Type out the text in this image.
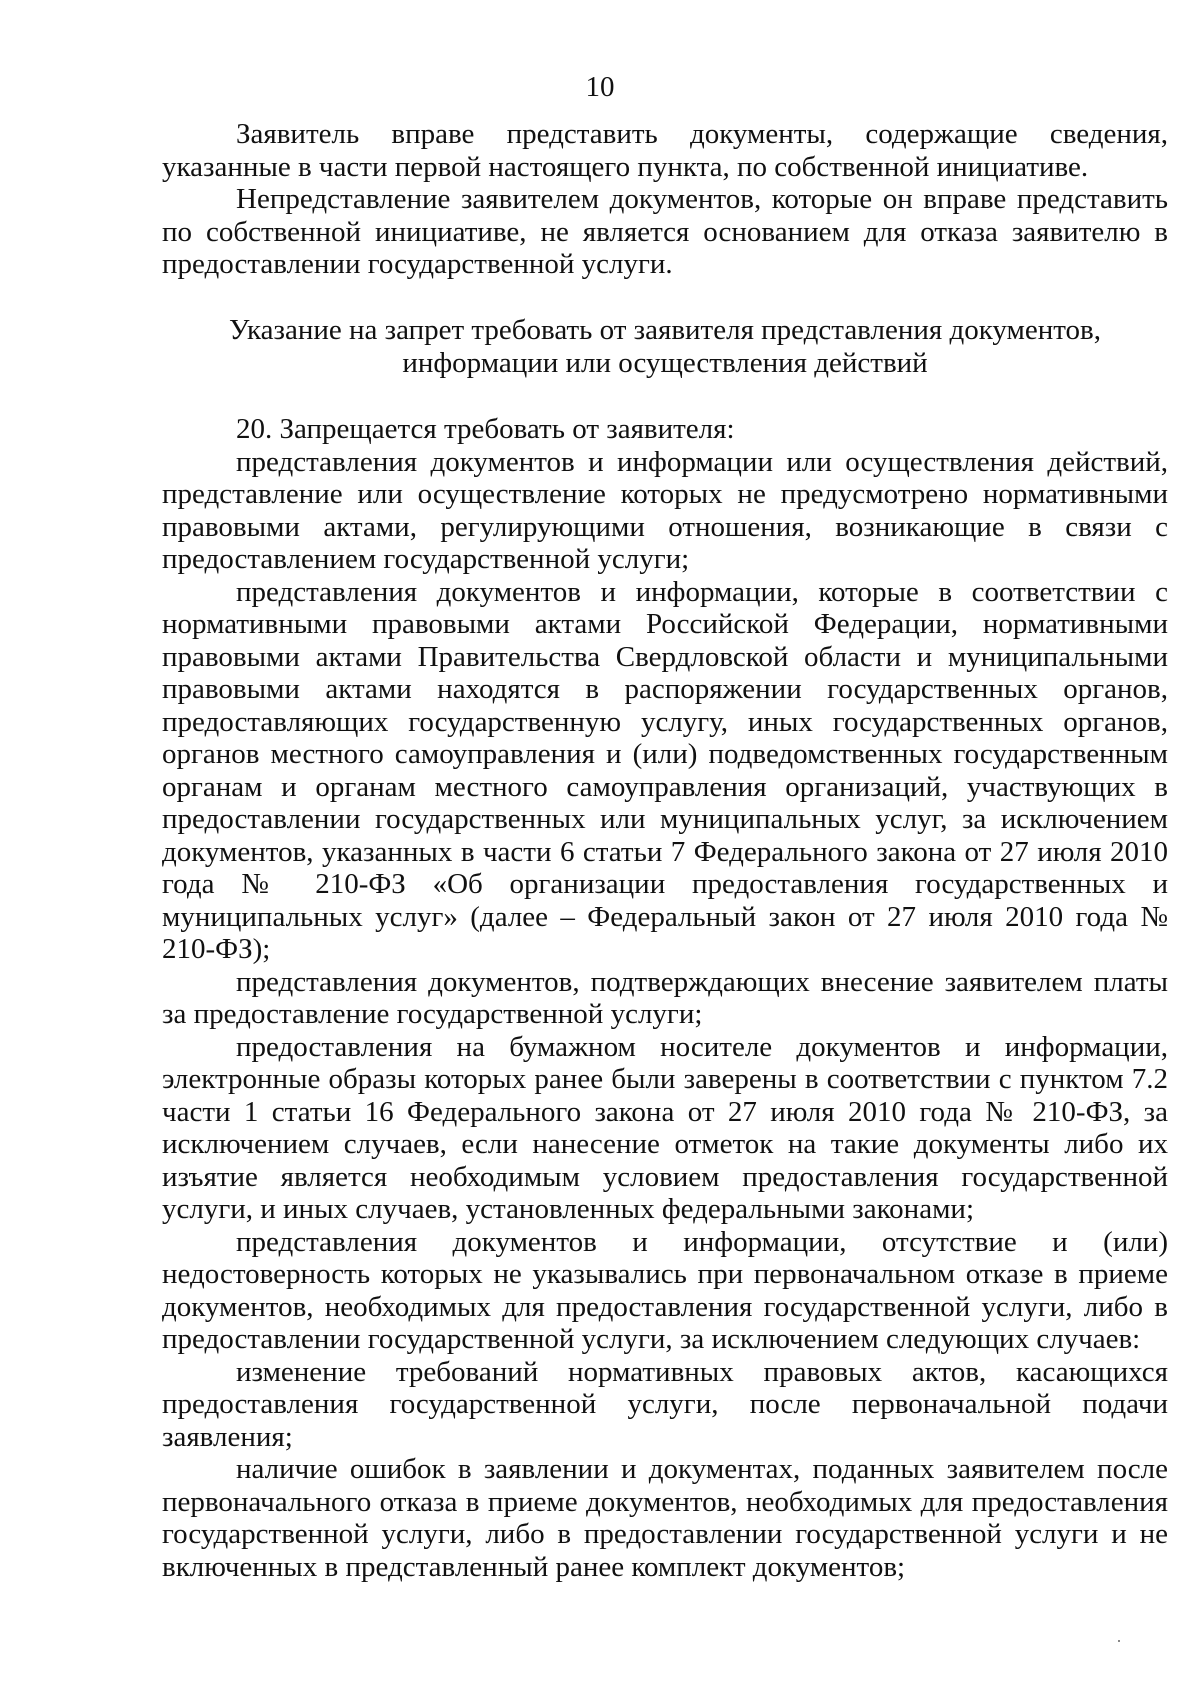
10

Заявитель вправе представить документы, содержащие сведения, указанные в части первой настоящего пункта, по собственной инициативе.

Непредставление заявителем документов, которые он вправе представить по собственной инициативе, не является основанием для отказа заявителю в предоставлении государственной услуги.

Указание на запрет требовать от заявителя представления документов,
информации или осуществления действий

20. Запрещается требовать от заявителя:

представления документов и информации или осуществления действий, представление или осуществление которых не предусмотрено нормативными правовыми актами, регулирующими отношения, возникающие в связи с предоставлением государственной услуги;

представления документов и информации, которые в соответствии с нормативными правовыми актами Российской Федерации, нормативными правовыми актами Правительства Свердловской области и муниципальными правовыми актами находятся в распоряжении государственных органов, предоставляющих государственную услугу, иных государственных органов, органов местного самоуправления и (или) подведомственных государственным органам и органам местного самоуправления организаций, участвующих в предоставлении государственных или муниципальных услуг, за исключением документов, указанных в части 6 статьи 7 Федерального закона от 27 июля 2010 года № 210-ФЗ «Об организации предоставления государственных и муниципальных услуг» (далее – Федеральный закон от 27 июля 2010 года № 210-ФЗ);

представления документов, подтверждающих внесение заявителем платы за предоставление государственной услуги;

предоставления на бумажном носителе документов и информации, электронные образы которых ранее были заверены в соответствии с пунктом 7.2 части 1 статьи 16 Федерального закона от 27 июля 2010 года № 210-ФЗ, за исключением случаев, если нанесение отметок на такие документы либо их изъятие является необходимым условием предоставления государственной услуги, и иных случаев, установленных федеральными законами;

представления документов и информации, отсутствие и (или) недостоверность которых не указывались при первоначальном отказе в приеме документов, необходимых для предоставления государственной услуги, либо в предоставлении государственной услуги, за исключением следующих случаев:

изменение требований нормативных правовых актов, касающихся предоставления государственной услуги, после первоначальной подачи заявления;

наличие ошибок в заявлении и документах, поданных заявителем после первоначального отказа в приеме документов, необходимых для предоставления государственной услуги, либо в предоставлении государственной услуги и не включенных в представленный ранее комплект документов;
